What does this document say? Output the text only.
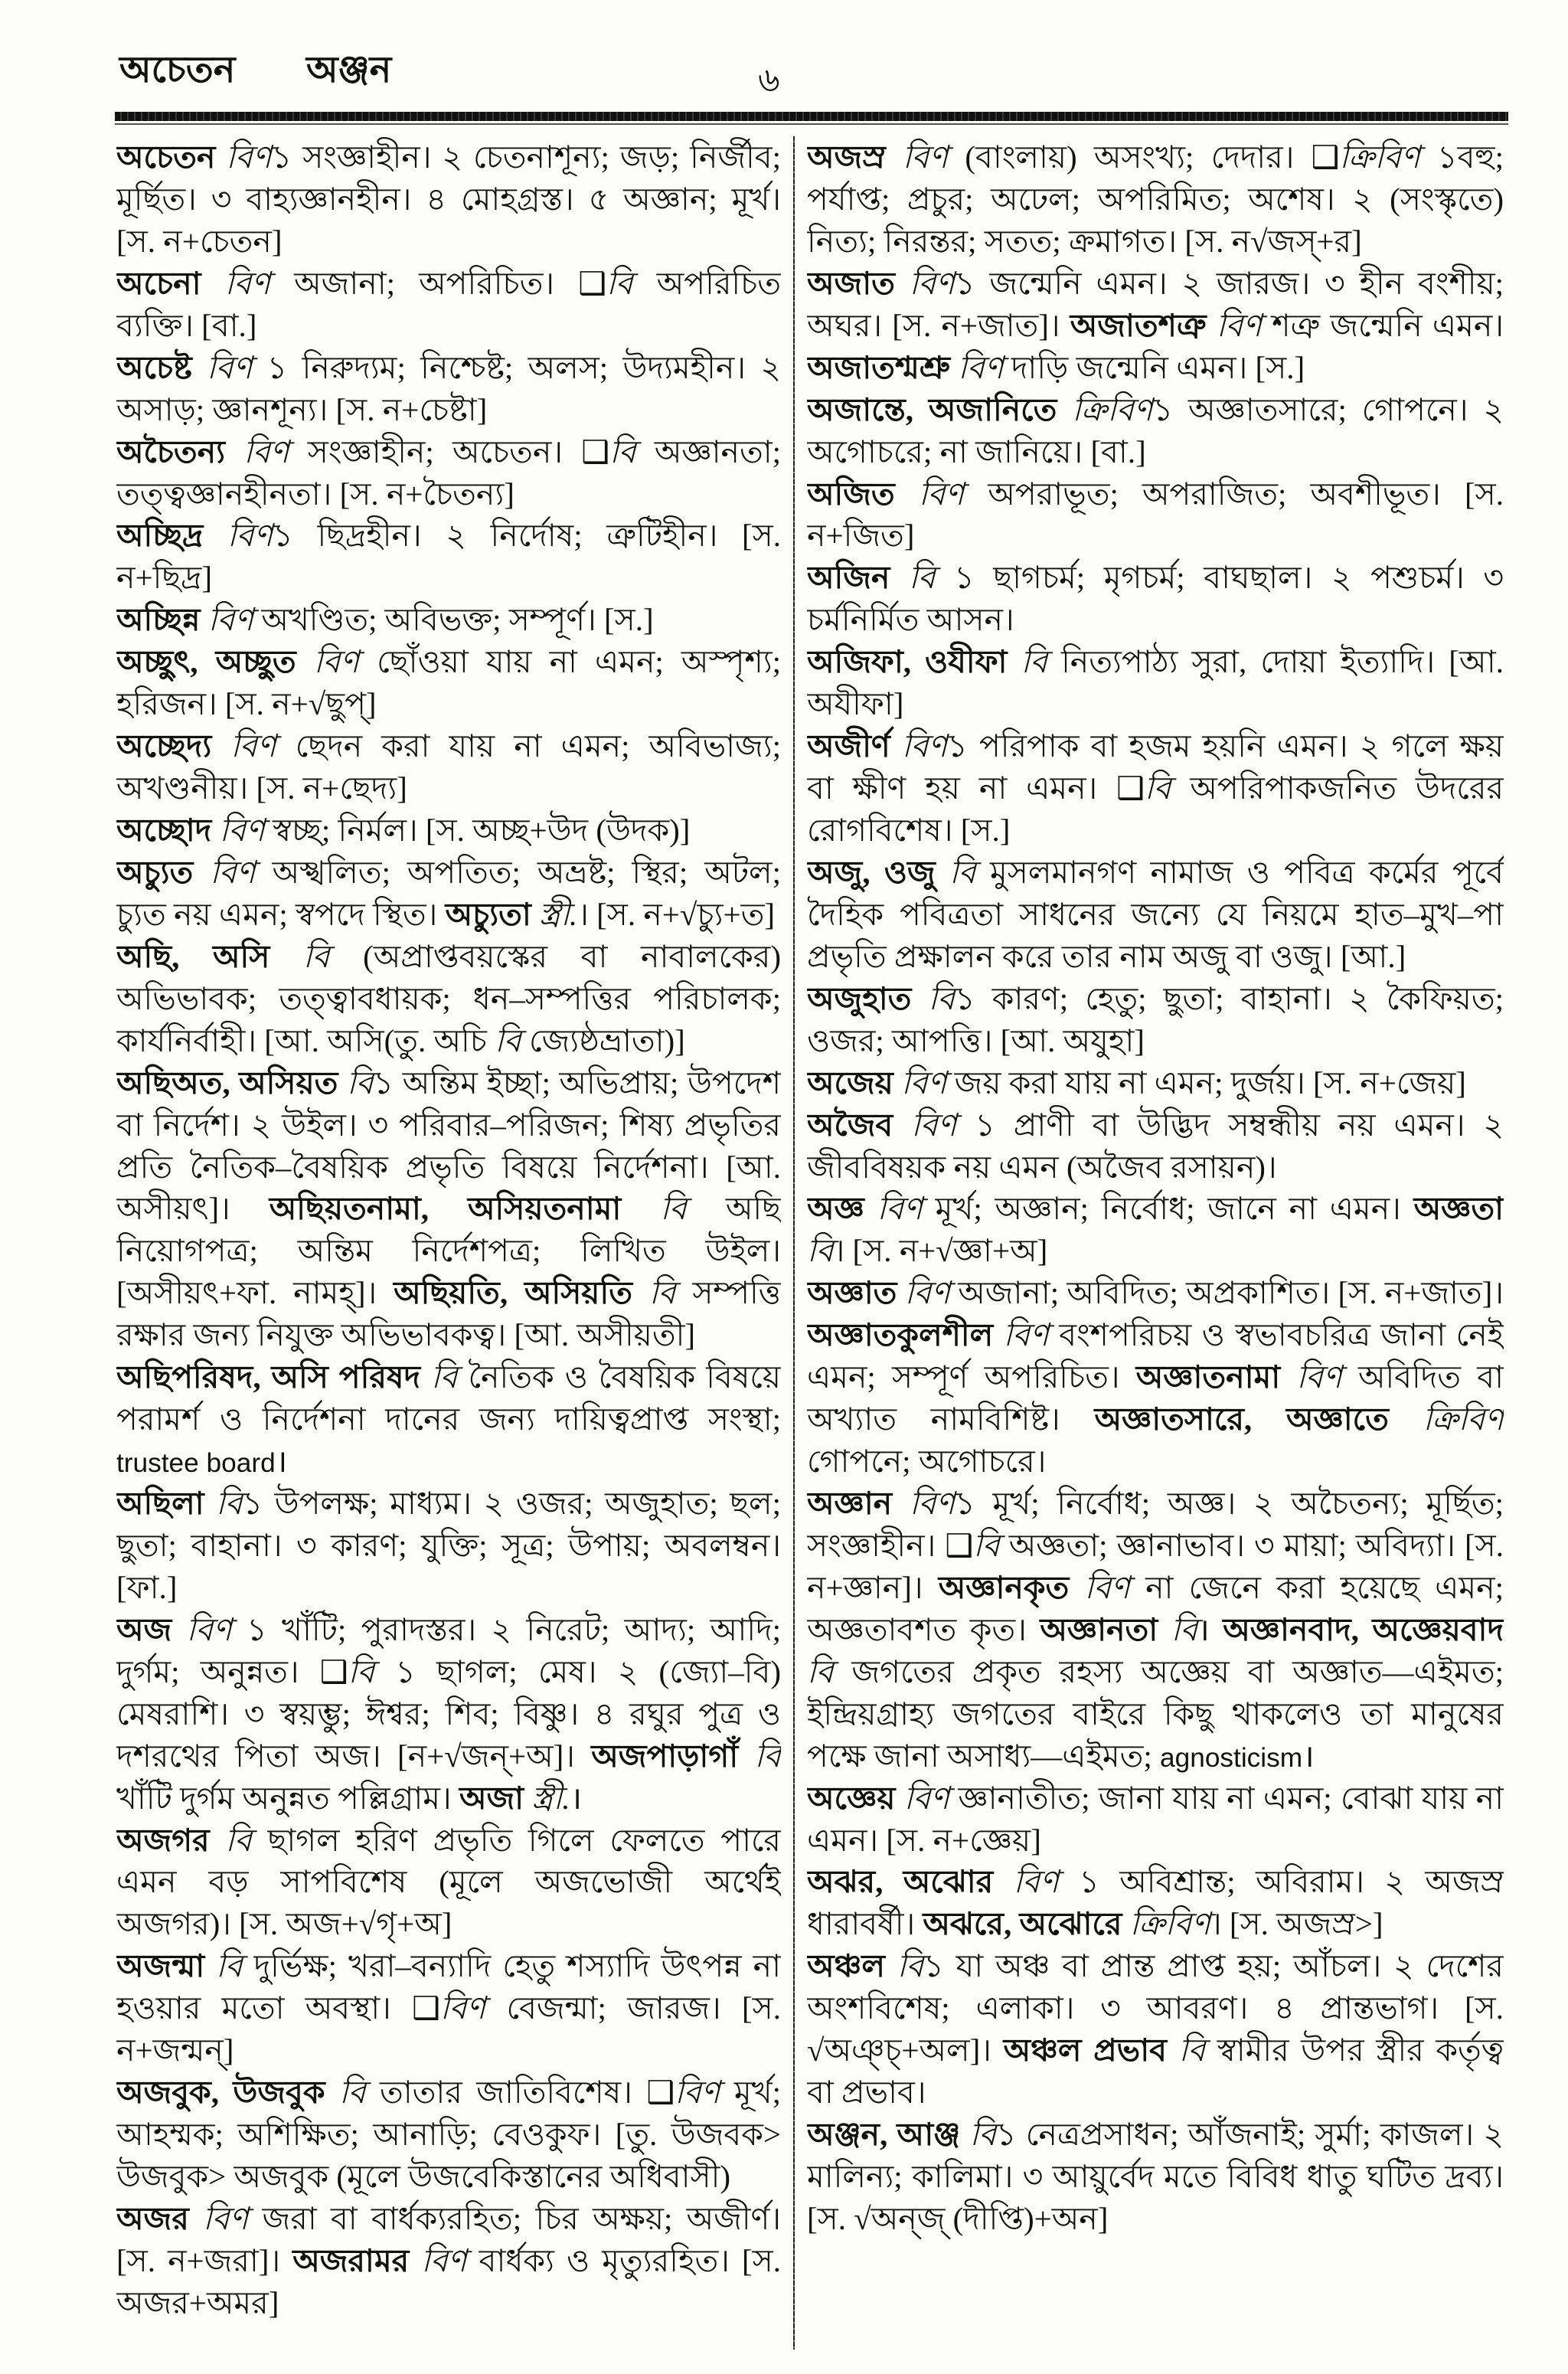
অচেতন অঞ্জন	৬

অচেতন বিণ১ সংজ্ঞাহীন। ২ চেতনাশূন্য; জড়; নির্জীব; মূর্ছিত। ৩ বাহ্যজ্ঞানহীন। ৪ মোহগ্রস্ত। ৫ অজ্ঞান; মূর্খ। [স. ন+চেতন]

অচেনা বিণ অজানা; অপরিচিত। ❑বি অপরিচিত ব্যক্তি। [বা.]

অচেষ্ট বিণ ১ নিরুদ্যম; নিশ্চেষ্ট; অলস; উদ্যমহীন। ২ অসাড়; জ্ঞানশূন্য। [স. ন+চেষ্টা]

অচৈতন্য বিণ সংজ্ঞাহীন; অচেতন। ❑বি অজ্ঞানতা; তত্ত্বজ্ঞানহীনতা। [স. ন+চৈতন্য]

অচ্ছিদ্র বিণ১ ছিদ্রহীন। ২ নির্দোষ; ত্রুটিহীন। [স. ন+ছিদ্র]

অচ্ছিন্ন বিণ অখণ্ডিত; অবিভক্ত; সম্পূর্ণ। [স.]

অচ্ছুৎ, অচ্ছুত বিণ ছোঁওয়া যায় না এমন; অস্পৃশ্য; হরিজন। [স. ন+√ছুপ্]

অচ্ছেদ্য বিণ ছেদন করা যায় না এমন; অবিভাজ্য; অখণ্ডনীয়। [স. ন+ছেদ্য]

অচ্ছোদ বিণ স্বচ্ছ; নির্মল। [স. অচ্ছ+উদ (উদক)]

অচ্যুত বিণ অস্খলিত; অপতিত; অভ্রষ্ট; স্থির; অটল; চ্যুত নয় এমন; স্বপদে স্থিত। অচ্যুতা স্ত্রী.। [স. ন+√চ্যু+ত]

অছি, অসি বি (অপ্রাপ্তবয়স্কের বা নাবালকের) অভিভাবক; তত্ত্বাবধায়ক; ধন–সম্পত্তির পরিচালক; কার্যনির্বাহী। [আ. অসি(তু. অচি বি জ্যেষ্ঠভ্রাতা)]

অছিঅত, অসিয়ত বি১ অন্তিম ইচ্ছা; অভিপ্রায়; উপদেশ বা নির্দেশ। ২ উইল। ৩ পরিবার–পরিজন; শিষ্য প্রভৃতির প্রতি নৈতিক–বৈষয়িক প্রভৃতি বিষয়ে নির্দেশনা। [আ. অসীয়ৎ]। অছিয়তনামা, অসিয়তনামা বি অছি নিয়োগপত্র; অন্তিম নির্দেশপত্র; লিখিত উইল। [অসীয়ৎ+ফা. নামহ্]। অছিয়তি, অসিয়তি বি সম্পত্তি রক্ষার জন্য নিযুক্ত অভিভাবকত্ব। [আ. অসীয়তী]

অছিপরিষদ, অসি পরিষদ বি নৈতিক ও বৈষয়িক বিষয়ে পরামর্শ ও নির্দেশনা দানের জন্য দায়িত্বপ্রাপ্ত সংস্থা; trustee board।

অছিলা বি১ উপলক্ষ; মাধ্যম। ২ ওজর; অজুহাত; ছল; ছুতা; বাহানা। ৩ কারণ; যুক্তি; সূত্র; উপায়; অবলম্বন। [ফা.]

অজ বিণ ১ খাঁটি; পুরাদস্তর। ২ নিরেট; আদ্য; আদি; দুর্গম; অনুন্নত। ❑বি ১ ছাগল; মেষ। ২ (জ্যো–বি) মেষরাশি। ৩ স্বয়ম্ভু; ঈশ্বর; শিব; বিষ্ণু। ৪ রঘুর পুত্র ও দশরথের পিতা অজ। [ন+√জন্+অ]। অজপাড়াগাঁ বি খাঁটি দুর্গম অনুন্নত পল্লিগ্রাম। অজা স্ত্রী.।

অজগর বি ছাগল হরিণ প্রভৃতি গিলে ফেলতে পারে এমন বড় সাপবিশেষ (মূলে অজভোজী অর্থেই অজগর)। [স. অজ+√গৃ+অ]

অজন্মা বি দুর্ভিক্ষ; খরা–বন্যাদি হেতু শস্যাদি উৎপন্ন না হওয়ার মতো অবস্থা। ❑বিণ বেজন্মা; জারজ। [স. ন+জন্মন্]

অজবুক, উজবুক বি তাতার জাতিবিশেষ। ❑বিণ মূর্খ; আহম্মক; অশিক্ষিত; আনাড়ি; বেওকুফ। [তু. উজবক> উজবুক> অজবুক (মূলে উজবেকিস্তানের অধিবাসী)

অজর বিণ জরা বা বার্ধক্যরহিত; চির অক্ষয়; অজীর্ণ। [স. ন+জরা]। অজরামর বিণ বার্ধক্য ও মৃত্যুরহিত। [স. অজর+অমর]

অজস্র বিণ (বাংলায়) অসংখ্য; দেদার। ❑ক্রিবিণ ১বহু; পর্যাপ্ত; প্রচুর; অঢেল; অপরিমিত; অশেষ। ২ (সংস্কৃতে) নিত্য; নিরন্তর; সতত; ক্রমাগত। [স. ন√জস্+র]

অজাত বিণ১ জন্মেনি এমন। ২ জারজ। ৩ হীন বংশীয়; অঘর। [স. ন+জাত]। অজাতশত্রু বিণ শত্রু জন্মেনি এমন। অজাতশ্মশ্রু বিণ দাড়ি জন্মেনি এমন। [স.]

অজান্তে, অজানিতে ক্রিবিণ১ অজ্ঞাতসারে; গোপনে। ২ অগোচরে; না জানিয়ে। [বা.]

অজিত বিণ অপরাভূত; অপরাজিত; অবশীভূত। [স. ন+জিত]

অজিন বি ১ ছাগচর্ম; মৃগচর্ম; বাঘছাল। ২ পশুচর্ম। ৩ চর্মনির্মিত আসন।

অজিফা, ওযীফা বি নিত্যপাঠ্য সুরা, দোয়া ইত্যাদি। [আ. অযীফা]

অজীর্ণ বিণ১ পরিপাক বা হজম হয়নি এমন। ২ গলে ক্ষয় বা ক্ষীণ হয় না এমন। ❑বি অপরিপাকজনিত উদরের রোগবিশেষ। [স.]

অজু, ওজু বি মুসলমানগণ নামাজ ও পবিত্র কর্মের পূর্বে দৈহিক পবিত্রতা সাধনের জন্যে যে নিয়মে হাত–মুখ–পা প্রভৃতি প্রক্ষালন করে তার নাম অজু বা ওজু। [আ.]

অজুহাত বি১ কারণ; হেতু; ছুতা; বাহানা। ২ কৈফিয়ত; ওজর; আপত্তি। [আ. অযুহা]

অজেয় বিণ জয় করা যায় না এমন; দুর্জয়। [স. ন+জেয়]

অজৈব বিণ ১ প্রাণী বা উদ্ভিদ সম্বন্ধীয় নয় এমন। ২ জীববিষয়ক নয় এমন (অজৈব রসায়ন)।

অজ্ঞ বিণ মূর্খ; অজ্ঞান; নির্বোধ; জানে না এমন। অজ্ঞতা বি। [স. ন+√জ্ঞা+অ]

অজ্ঞাত বিণ অজানা; অবিদিত; অপ্রকাশিত। [স. ন+জাত]। অজ্ঞাতকুলশীল বিণ বংশপরিচয় ও স্বভাবচরিত্র জানা নেই এমন; সম্পূর্ণ অপরিচিত। অজ্ঞাতনামা বিণ অবিদিত বা অখ্যাত নামবিশিষ্ট। অজ্ঞাতসারে, অজ্ঞাতে ক্রিবিণ গোপনে; অগোচরে।

অজ্ঞান বিণ১ মূর্খ; নির্বোধ; অজ্ঞ। ২ অচৈতন্য; মূর্ছিত; সংজ্ঞাহীন। ❑বি অজ্ঞতা; জ্ঞানাভাব। ৩ মায়া; অবিদ্যা। [স. ন+জ্ঞান]। অজ্ঞানকৃত বিণ না জেনে করা হয়েছে এমন; অজ্ঞতাবশত কৃত। অজ্ঞানতা বি। অজ্ঞানবাদ, অজ্ঞেয়বাদ বি জগতের প্রকৃত রহস্য অজ্ঞেয় বা অজ্ঞাত—এইমত; ইন্দ্রিয়গ্রাহ্য জগতের বাইরে কিছু থাকলেও তা মানুষের পক্ষে জানা অসাধ্য—এইমত; agnosticism।

অজ্ঞেয় বিণ জ্ঞানাতীত; জানা যায় না এমন; বোঝা যায় না এমন। [স. ন+জ্ঞেয়]

অঝর, অঝোর বিণ ১ অবিশ্রান্ত; অবিরাম। ২ অজস্র ধারাবর্ষী। অঝরে, অঝোরে ক্রিবিণ। [স. অজস্র>]

অঞ্চল বি১ যা অঞ্চ বা প্রান্ত প্রাপ্ত হয়; আঁচল। ২ দেশের অংশবিশেষ; এলাকা। ৩ আবরণ। ৪ প্রান্তভাগ। [স. √অঞ্চ্+অল]। অঞ্চল প্রভাব বি স্বামীর উপর স্ত্রীর কর্তৃত্ব বা প্রভাব।

অঞ্জন, আঞ্জ বি১ নেত্রপ্রসাধন; আঁজনাই; সুর্মা; কাজল। ২ মালিন্য; কালিমা। ৩ আয়ুর্বেদ মতে বিবিধ ধাতু ঘটিত দ্রব্য। [স. √অন্জ্ (দীপ্তি)+অন]
